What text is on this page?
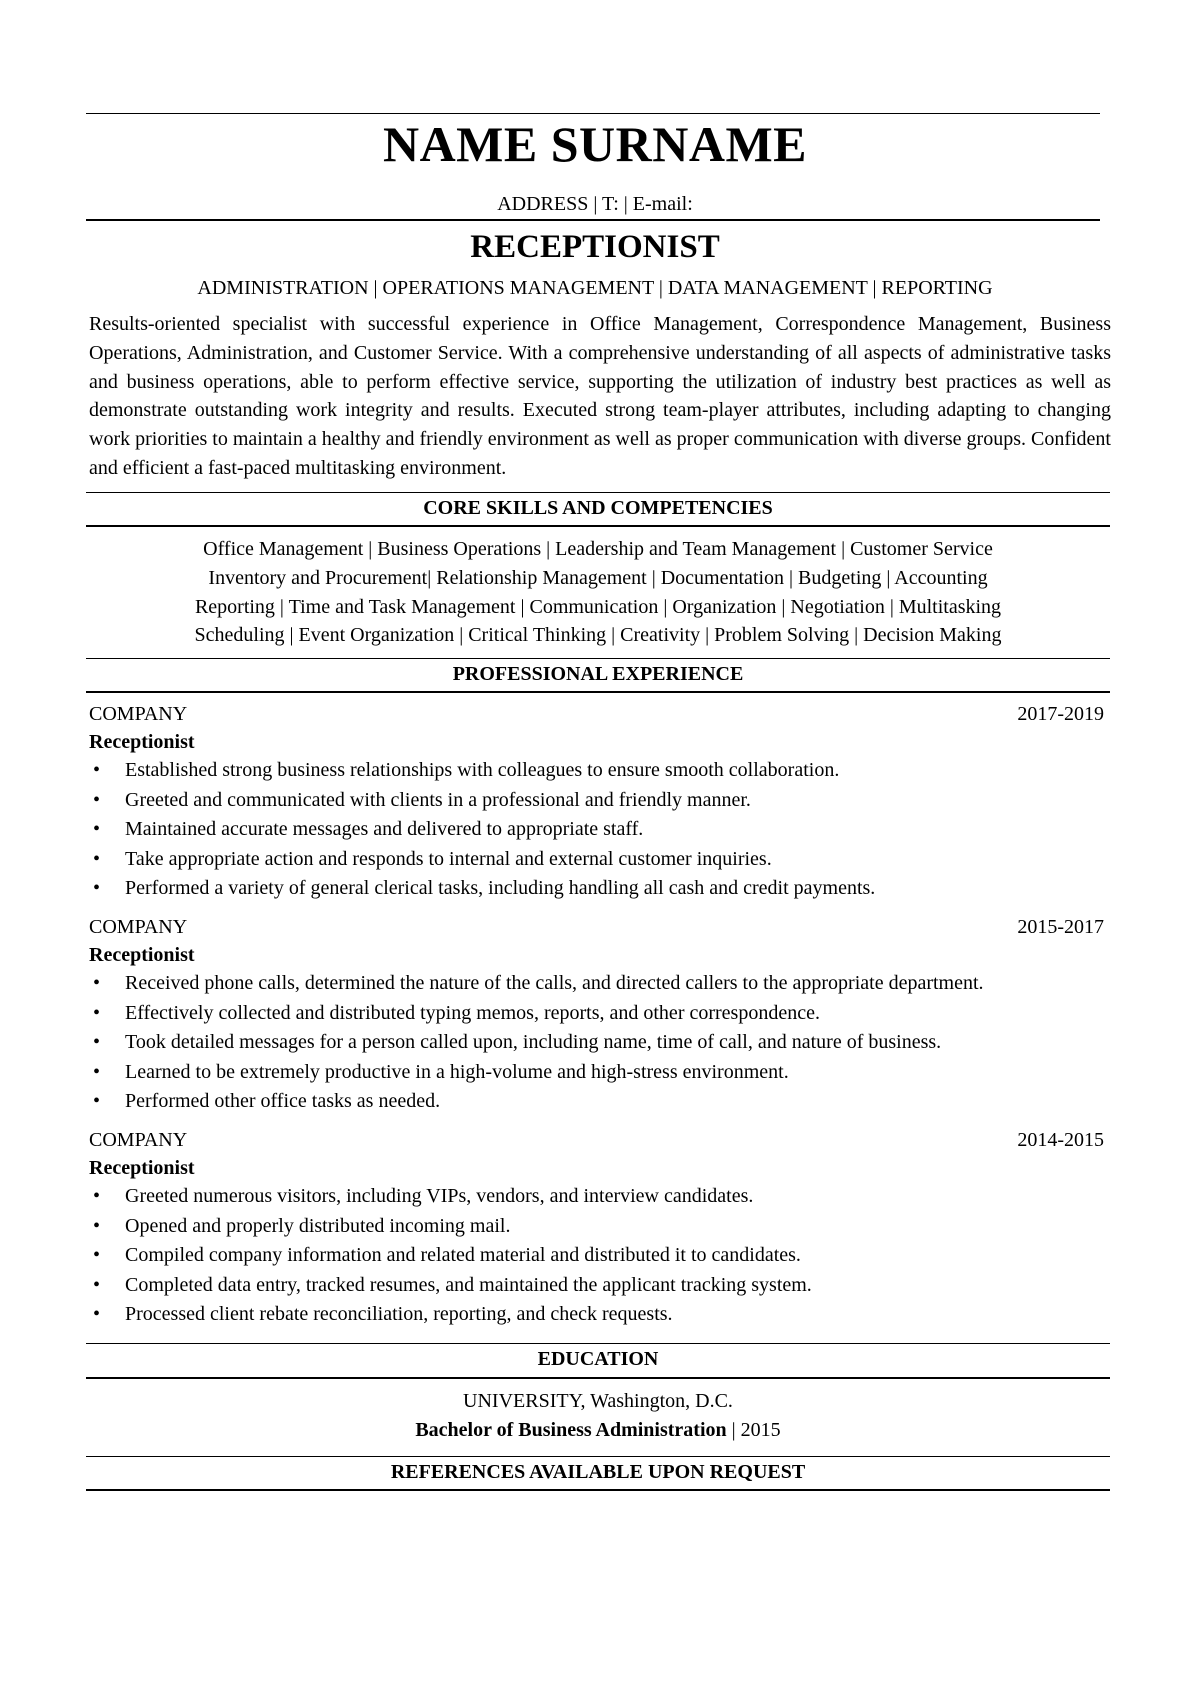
NAME SURNAME
ADDRESS | T: | E-mail:
RECEPTIONIST
ADMINISTRATION | OPERATIONS MANAGEMENT | DATA MANAGEMENT | REPORTING
Results-oriented specialist with successful experience in Office Management, Correspondence Management, Business Operations, Administration, and Customer Service. With a comprehensive understanding of all aspects of administrative tasks and business operations, able to perform effective service, supporting the utilization of industry best practices as well as demonstrate outstanding work integrity and results. Executed strong team-player attributes, including adapting to changing work priorities to maintain a healthy and friendly environment as well as proper communication with diverse groups. Confident and efficient a fast-paced multitasking environment.
CORE SKILLS AND COMPETENCIES
Office Management | Business Operations | Leadership and Team Management | Customer Service
Inventory and Procurement| Relationship Management | Documentation | Budgeting | Accounting
Reporting | Time and Task Management | Communication | Organization | Negotiation | Multitasking
Scheduling | Event Organization | Critical Thinking | Creativity | Problem Solving | Decision Making
PROFESSIONAL EXPERIENCE
COMPANY	2017-2019
Receptionist
• Established strong business relationships with colleagues to ensure smooth collaboration.
• Greeted and communicated with clients in a professional and friendly manner.
• Maintained accurate messages and delivered to appropriate staff.
• Take appropriate action and responds to internal and external customer inquiries.
• Performed a variety of general clerical tasks, including handling all cash and credit payments.
COMPANY	2015-2017
Receptionist
• Received phone calls, determined the nature of the calls, and directed callers to the appropriate department.
• Effectively collected and distributed typing memos, reports, and other correspondence.
• Took detailed messages for a person called upon, including name, time of call, and nature of business.
• Learned to be extremely productive in a high-volume and high-stress environment.
• Performed other office tasks as needed.
COMPANY	2014-2015
Receptionist
• Greeted numerous visitors, including VIPs, vendors, and interview candidates.
• Opened and properly distributed incoming mail.
• Compiled company information and related material and distributed it to candidates.
• Completed data entry, tracked resumes, and maintained the applicant tracking system.
• Processed client rebate reconciliation, reporting, and check requests.
EDUCATION
UNIVERSITY, Washington, D.C.
Bachelor of Business Administration | 2015
REFERENCES AVAILABLE UPON REQUEST
